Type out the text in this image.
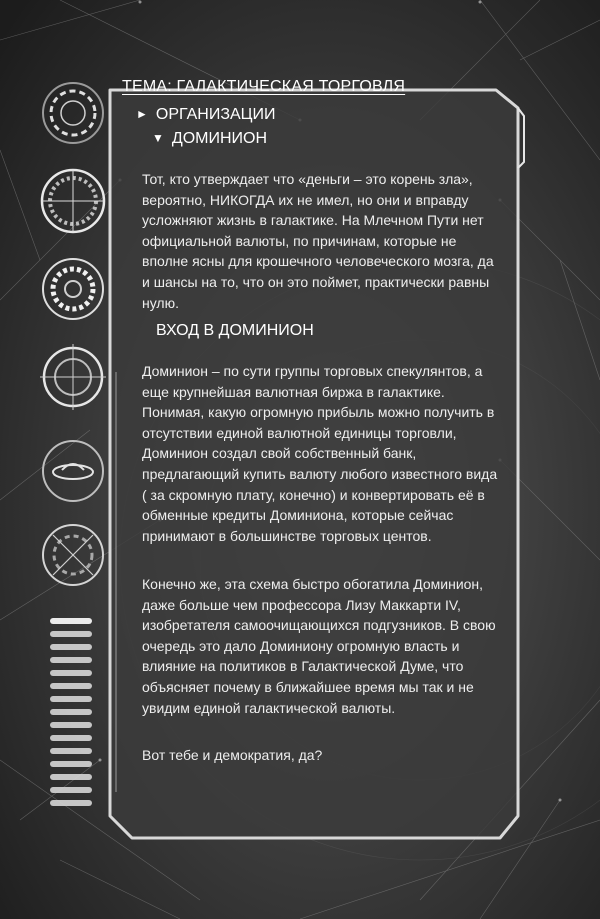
ТЕМА: ГАЛАКТИЧЕСКАЯ ТОРГОВЛЯ
► ОРГАНИЗАЦИИ
▼ ДОМИНИОН

Тот, кто утверждает что «деньги – это корень зла», вероятно, НИКОГДА их не имел, но они и вправду усложняют жизнь в галактике. На Млечном Пути нет официальной валюты, по причинам, которые не вполне ясны для крошечного человеческого мозга, да и шансы на то, что он это поймет, практически равны нулю.

ВХОД В ДОМИНИОН

Доминион – по сути группы торговых спекулянтов, а еще крупнейшая валютная биржа в галактике. Понимая, какую огромную прибыль можно получить в отсутствии единой валютной единицы торговли, Доминион создал свой собственный банк, предлагающий купить валюту любого известного вида ( за скромную плату, конечно) и конвертировать её в обменные кредиты Доминиона, которые сейчас принимают в большинстве торговых центов.

Конечно же, эта схема быстро обогатила Доминион, даже больше чем профессора Лизу Маккарти IV, изобретателя самоочищающихся подгузников. В свою очередь это дало Доминиону огромную власть и влияние на политиков в Галактической Думе, что объясняет почему в ближайшее время мы так и не увидим единой галактической валюты.

Вот тебе и демократия, да?
